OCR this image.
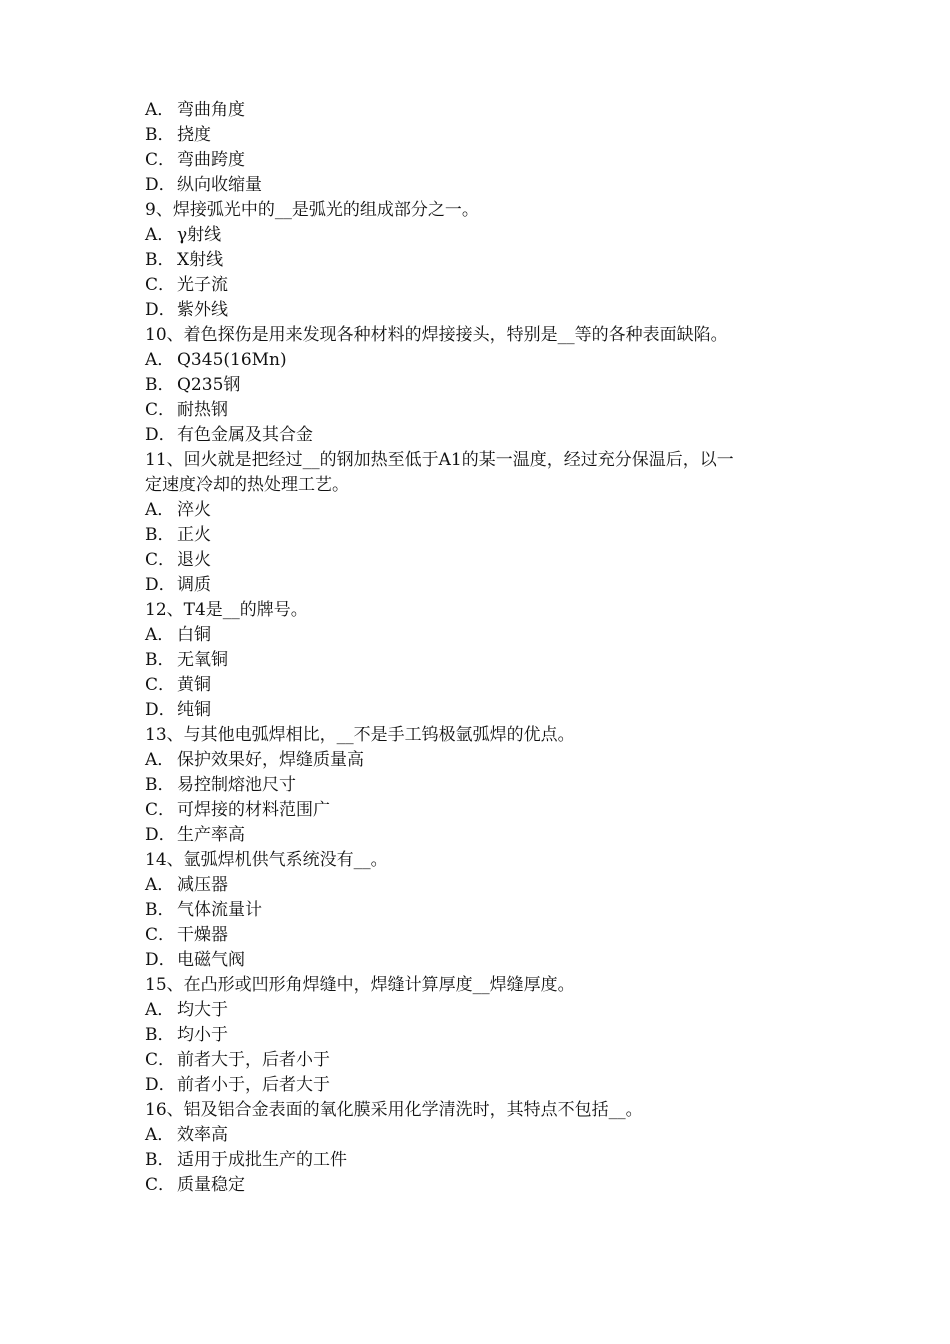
A． 弯曲角度
B． 挠度
C． 弯曲跨度
D．纵向收缩量
9、焊接弧光中的__是弧光的组成部分之一。
A． γ射线
B． X射线
C． 光子流
D．紫外线
10、着色探伤是用来发现各种材料的焊接接头，特别是__等的各种表面缺陷。
A． Q345(16Mn)
B． Q235钢
C． 耐热钢
D．有色金属及其合金
11、回火就是把经过__的钢加热至低于A1的某一温度，经过充分保温后，以一
定速度冷却的热处理工艺。
A． 淬火
B． 正火
C． 退火
D．调质
12、T4是__的牌号。
A． 白铜
B． 无氧铜
C． 黄铜
D．纯铜
13、与其他电弧焊相比，__不是手工钨极氩弧焊的优点。
A． 保护效果好，焊缝质量高
B． 易控制熔池尺寸
C． 可焊接的材料范围广
D．生产率高
14、氩弧焊机供气系统没有__。
A． 减压器
B． 气体流量计
C． 干燥器
D．电磁气阀
15、在凸形或凹形角焊缝中，焊缝计算厚度__焊缝厚度。
A． 均大于
B． 均小于
C． 前者大于，后者小于
D．前者小于，后者大于
16、铝及铝合金表面的氧化膜采用化学清洗时，其特点不包括__。
A． 效率高
B． 适用于成批生产的工件
C． 质量稳定
